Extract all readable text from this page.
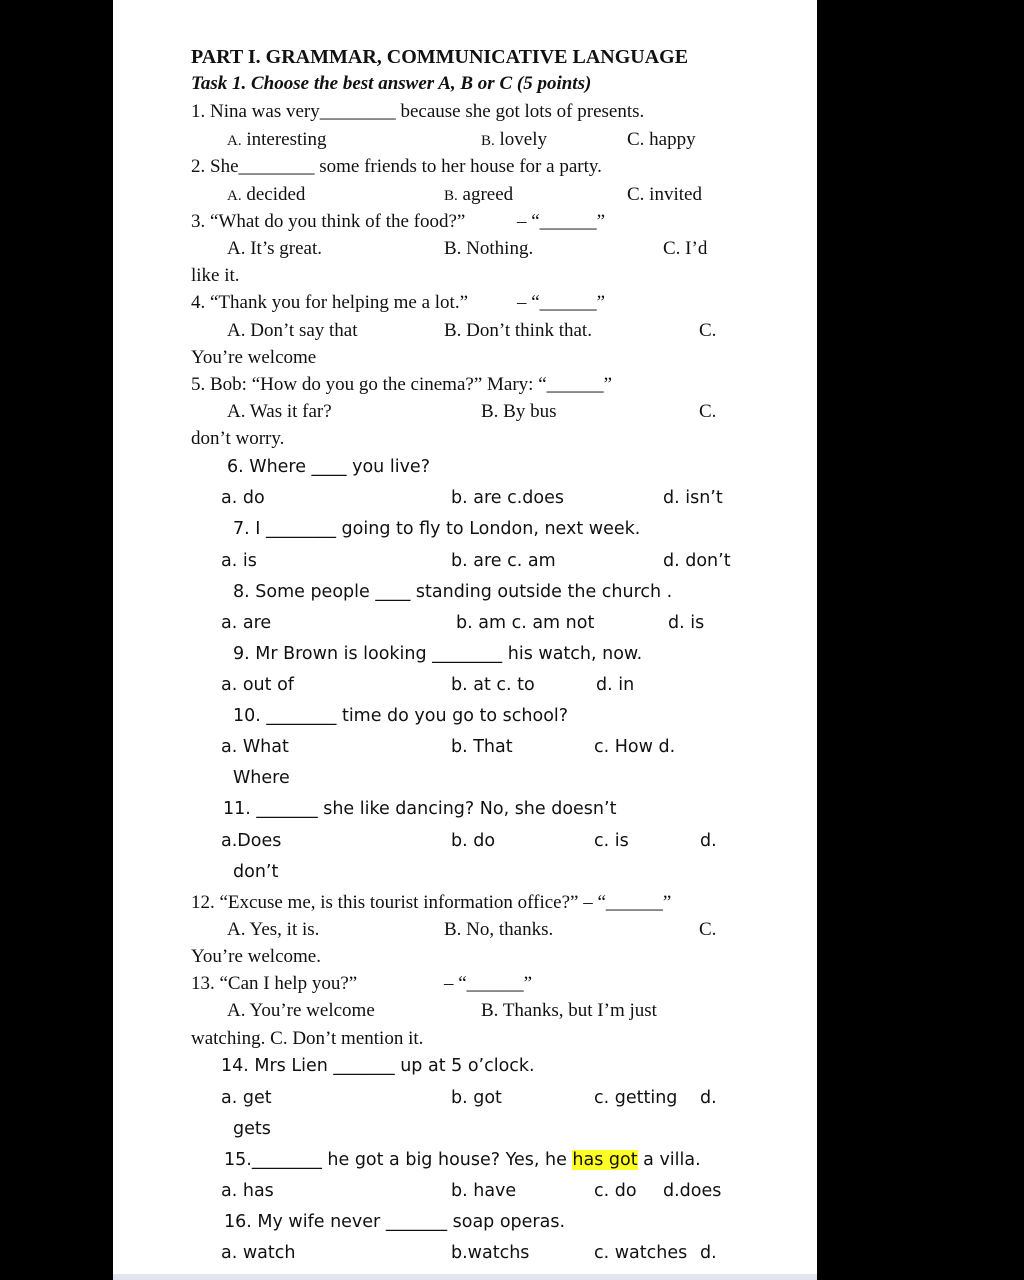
PART I. GRAMMAR, COMMUNICATIVE LANGUAGE
Task 1. Choose the best answer A, B or C (5 points)
1. Nina was very________ because she got lots of presents.
A. interesting	B. lovely	C. happy
2. She________ some friends to her house for a party.
A. decided	B. agreed	C. invited
3. “What do you think of the food?”	– “______”
A. It’s great.	B. Nothing.	C. I’d
like it.
4. “Thank you for helping me a lot.”	– “______”
A. Don’t say that	B. Don’t think that.	C.
You’re welcome
5. Bob: “How do you go the cinema?” Mary: “______”
A. Was it far?	B. By bus	C.
don’t worry.
6. Where ____ you live?
a. do	b. are c.does	d. isn’t
7. I ________ going to fly to London, next week.
a. is	b. are c. am	d. don’t
8. Some people ____ standing outside the church .
a. are	b. am c. am not	d. is
9. Mr Brown is looking ________ his watch, now.
a. out of	b. at c. to	d. in
10. ________ time do you go to school?
a. What	b. That	c. How d.
Where
11. _______ she like dancing? No, she doesn’t
a.Does	b. do	c. is	d.
don’t
12. “Excuse me, is this tourist information office?” – “______”
A. Yes, it is.	B. No, thanks.	C.
You’re welcome.
13. “Can I help you?”	– “______”
A. You’re welcome	B. Thanks, but I’m just
watching. C. Don’t mention it.
14. Mrs Lien _______ up at 5 o’clock.
a. get	b. got	c. getting d.
gets
15.________ he got a big house? Yes, he has got a villa.
a. has	b. have	c. do d.does
16. My wife never _______ soap operas.
a. watch	b.watchs	c. watches d.
